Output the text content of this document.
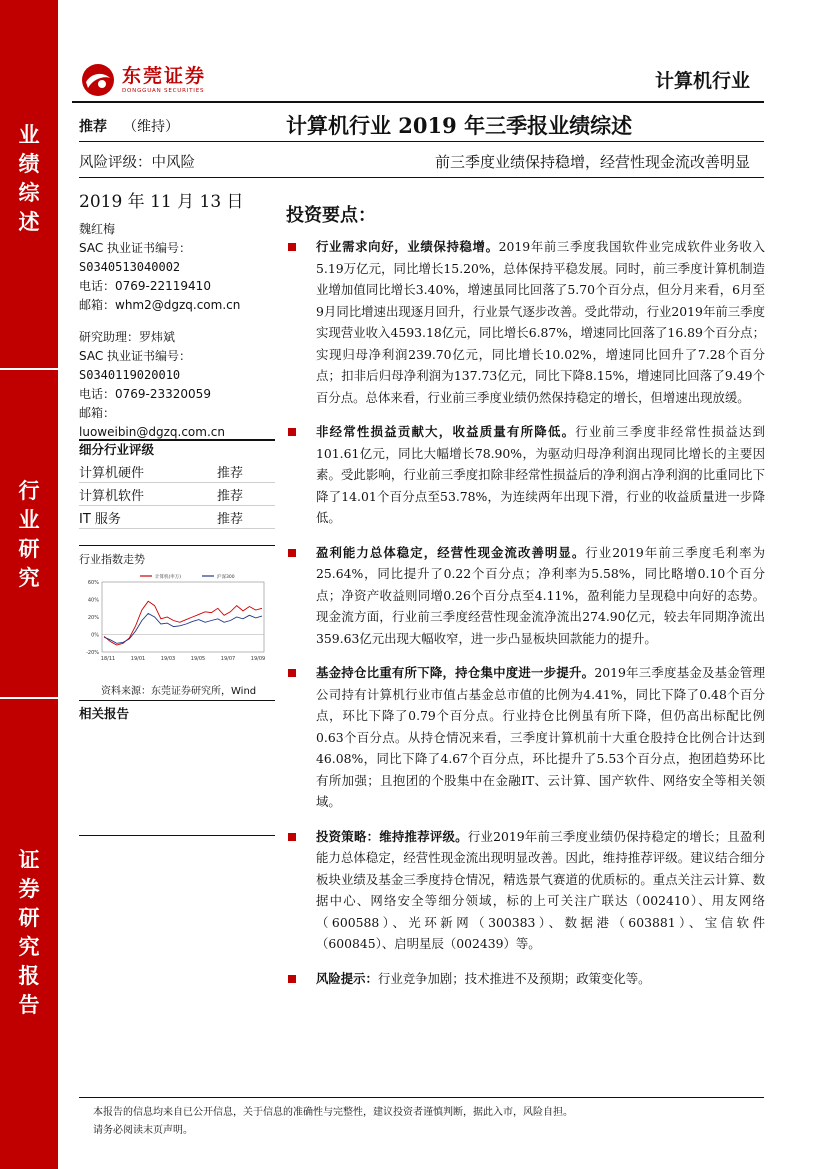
业
绩
综
述
行
业
研
究
证
券
研
究
报
告
东莞证券
DONGGUAN SECURITIES	计算机行业
推荐 （维持）	计算机行业 2019 年三季报业绩综述
风险评级：中风险	前三季度业绩保持稳增，经营性现金流改善明显
2019 年 11 月 13 日
投资要点：
魏红梅
SAC 执业证书编号：
S0340513040002
电话：0769-22119410
邮箱：whm2@dgzq.com.cn
研究助理：罗炜斌
SAC 执业证书编号：
S0340119020010
电话：0769-23320059
邮箱：
luoweibin@dgzq.com.cn
细分行业评级
计算机硬件	推荐
计算机软件	推荐
IT 服务	推荐
行业指数走势
60%
40%
20%
0%
-20%
18/11	19/01	19/03	19/05	19/07	19/09
计算机(申万)	沪深300
资料来源：东莞证券研究所，Wind
相关报告
行业需求向好，业绩保持稳增。2019年前三季度我国软件业完成软件业务收入5.19万亿元，同比增长15.20%，总体保持平稳发展。同时，前三季度计算机制造业增加值同比增长3.40%，增速虽同比回落了5.70个百分点，但分月来看，6月至9月同比增速出现逐月回升，行业景气逐步改善。受此带动，行业2019年前三季度实现营业收入4593.18亿元，同比增长6.87%，增速同比回落了16.89个百分点；实现归母净利润239.70亿元，同比增长10.02%，增速同比回升了7.28个百分点；扣非后归母净利润为137.73亿元，同比下降8.15%，增速同比回落了9.49个百分点。总体来看，行业前三季度业绩仍然保持稳定的增长，但增速出现放缓。
非经常性损益贡献大，收益质量有所降低。行业前三季度非经常性损益达到101.61亿元，同比大幅增长78.90%，为驱动归母净利润出现同比增长的主要因素。受此影响，行业前三季度扣除非经常性损益后的净利润占净利润的比重同比下降了14.01个百分点至53.78%，为连续两年出现下滑，行业的收益质量进一步降低。
盈利能力总体稳定，经营性现金流改善明显。行业2019年前三季度毛利率为25.64%，同比提升了0.22个百分点；净利率为5.58%，同比略增0.10个百分点；净资产收益则同增0.26个百分点至4.11%，盈利能力呈现稳中向好的态势。现金流方面，行业前三季度经营性现金流净流出274.90亿元，较去年同期净流出359.63亿元出现大幅收窄，进一步凸显板块回款能力的提升。
基金持仓比重有所下降，持仓集中度进一步提升。2019年三季度基金及基金管理公司持有计算机行业市值占基金总市值的比例为4.41%，同比下降了0.48个百分点，环比下降了0.79个百分点。行业持仓比例虽有所下降，但仍高出标配比例0.63个百分点。从持仓情况来看，三季度计算机前十大重仓股持仓比例合计达到46.08%，同比下降了4.67个百分点，环比提升了5.53个百分点，抱团趋势环比有所加强；且抱团的个股集中在金融IT、云计算、国产软件、网络安全等相关领域。
投资策略：维持推荐评级。行业2019年前三季度业绩仍保持稳定的增长；且盈利能力总体稳定，经营性现金流出现明显改善。因此，维持推荐评级。建议结合细分板块业绩及基金三季度持仓情况，精选景气赛道的优质标的。重点关注云计算、数据中心、网络安全等细分领域，标的上可关注广联达（002410）、用友网络（600588）、光环新网（300383）、数据港（603881）、宝信软件（600845）、启明星辰（002439）等。
风险提示：行业竞争加剧；技术推进不及预期；政策变化等。
本报告的信息均来自已公开信息，关于信息的准确性与完整性，建议投资者谨慎判断，据此入市，风险自担。
请务必阅读末页声明。
